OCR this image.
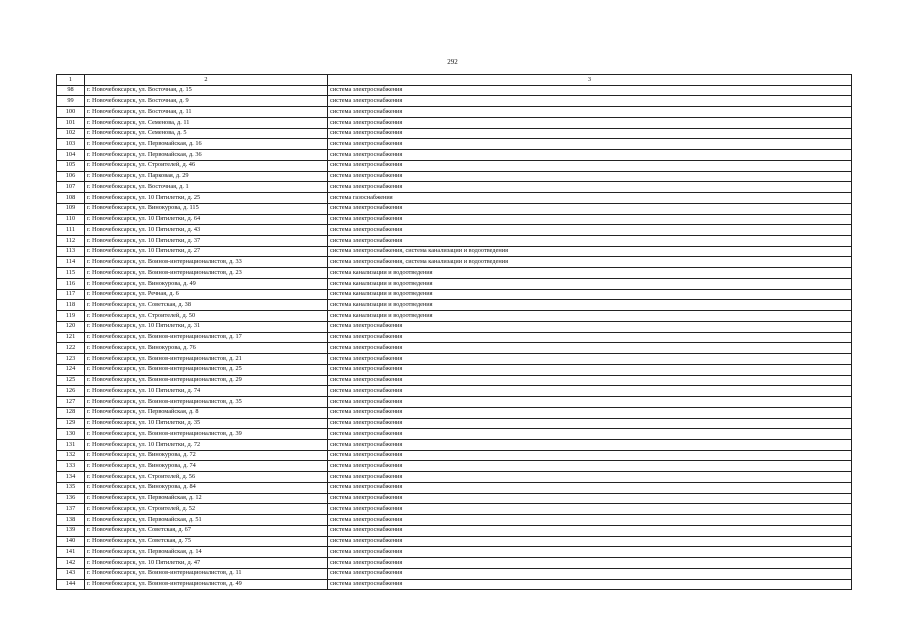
292
1	2	3
98	г. Новочебоксарск, ул. Восточная, д. 15	система электроснабжения
99	г. Новочебоксарск, ул. Восточная, д. 9	система электроснабжения
100	г. Новочебоксарск, ул. Восточная, д. 11	система электроснабжения
101	г. Новочебоксарск, ул. Семенова, д. 11	система электроснабжения
102	г. Новочебоксарск, ул. Семенова, д. 5	система электроснабжения
103	г. Новочебоксарск, ул. Первомайская, д. 16	система электроснабжения
104	г. Новочебоксарск, ул. Первомайская, д. 36	система электроснабжения
105	г. Новочебоксарск, ул. Строителей, д. 46	система электроснабжения
106	г. Новочебоксарск, ул. Парковая, д. 29	система электроснабжения
107	г. Новочебоксарск, ул. Восточная, д. 1	система электроснабжения
108	г. Новочебоксарск, ул. 10 Пятилетки, д. 25	система газоснабжения
109	г. Новочебоксарск, ул. Винокурова, д. 115	система электроснабжения
110	г. Новочебоксарск, ул. 10 Пятилетки, д. 64	система электроснабжения
111	г. Новочебоксарск, ул. 10 Пятилетки, д. 43	система электроснабжения
112	г. Новочебоксарск, ул. 10 Пятилетки, д. 37	система электроснабжения
113	г. Новочебоксарск, ул. 10 Пятилетки, д. 27	система электроснабжения, система канализации и водоотведения
114	г. Новочебоксарск, ул. Воинов-интернационалистов, д. 33	система электроснабжения, система канализации и водоотведения
115	г. Новочебоксарск, ул. Воинов-интернационалистов, д. 23	система канализации и водоотведения
116	г. Новочебоксарск, ул. Винокурова, д. 49	система канализации и водоотведения
117	г. Новочебоксарск, ул. Речная, д. 6	система канализации и водоотведения
118	г. Новочебоксарск, ул. Советская, д. 38	система канализации и водоотведения
119	г. Новочебоксарск, ул. Строителей, д. 50	система канализации и водоотведения
120	г. Новочебоксарск, ул. 10 Пятилетки, д. 31	система электроснабжения
121	г. Новочебоксарск, ул. Воинов-интернационалистов, д. 17	система электроснабжения
122	г. Новочебоксарск, ул. Винокурова, д. 76	система электроснабжения
123	г. Новочебоксарск, ул. Воинов-интернационалистов, д. 21	система электроснабжения
124	г. Новочебоксарск, ул. Воинов-интернационалистов, д. 25	система электроснабжения
125	г. Новочебоксарск, ул. Воинов-интернационалистов, д. 29	система электроснабжения
126	г. Новочебоксарск, ул. 10 Пятилетки, д. 74	система электроснабжения
127	г. Новочебоксарск, ул. Воинов-интернационалистов, д. 35	система электроснабжения
128	г. Новочебоксарск, ул. Первомайская, д. 8	система электроснабжения
129	г. Новочебоксарск, ул. 10 Пятилетки, д. 35	система электроснабжения
130	г. Новочебоксарск, ул. Воинов-интернационалистов, д. 39	система электроснабжения
131	г. Новочебоксарск, ул. 10 Пятилетки, д. 72	система электроснабжения
132	г. Новочебоксарск, ул. Винокурова, д. 72	система электроснабжения
133	г. Новочебоксарск, ул. Винокурова, д. 74	система электроснабжения
134	г. Новочебоксарск, ул. Строителей, д. 56	система электроснабжения
135	г. Новочебоксарск, ул. Винокурова, д. 84	система электроснабжения
136	г. Новочебоксарск, ул. Первомайская, д. 12	система электроснабжения
137	г. Новочебоксарск, ул. Строителей, д. 52	система электроснабжения
138	г. Новочебоксарск, ул. Первомайская, д. 51	система электроснабжения
139	г. Новочебоксарск, ул. Советская, д. 67	система электроснабжения
140	г. Новочебоксарск, ул. Советская, д. 75	система электроснабжения
141	г. Новочебоксарск, ул. Первомайская, д. 14	система электроснабжения
142	г. Новочебоксарск, ул. 10 Пятилетки, д. 47	система электроснабжения
143	г. Новочебоксарск, ул. Воинов-интернационалистов, д. 11	система электроснабжения
144	г. Новочебоксарск, ул. Воинов-интернационалистов, д. 49	система электроснабжения
